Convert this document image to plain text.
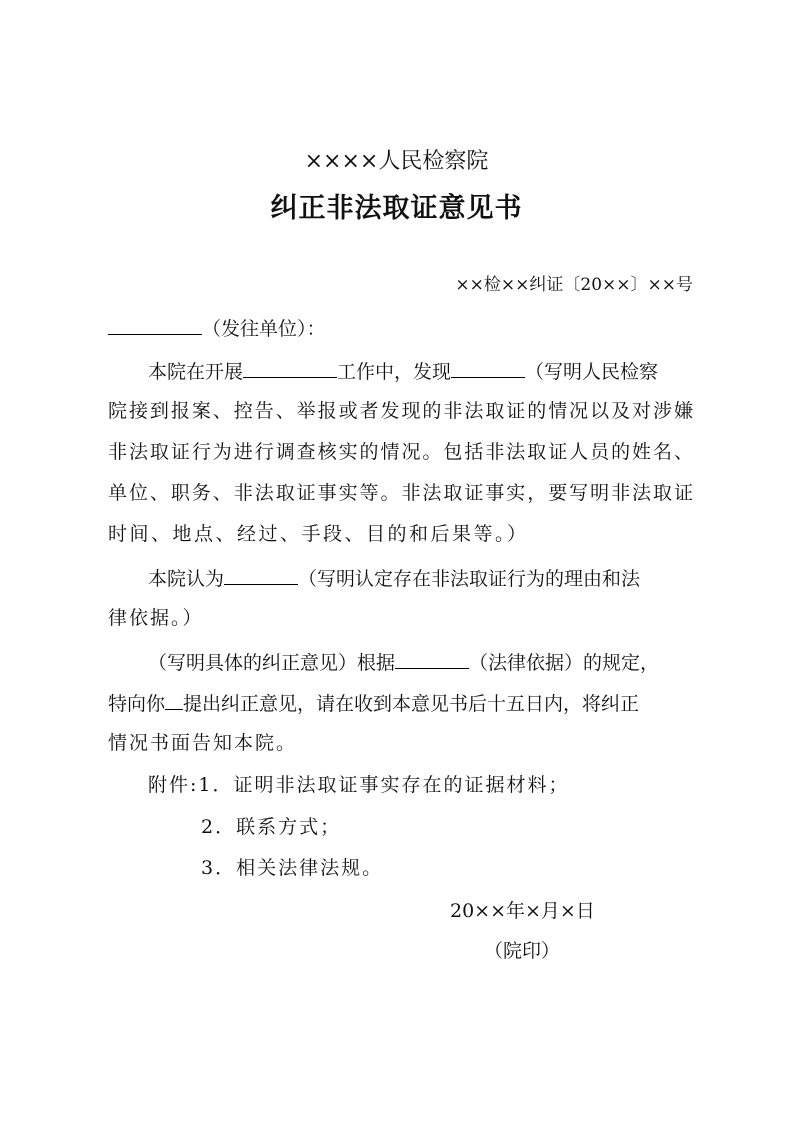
××××人民检察院
纠正非法取证意见书
××检××纠证〔20××〕××号
（发往单位）：
本院在开展	工作中，发现	（写明人民检察
院接到报案、控告、举报或者发现的非法取证的情况以及对涉嫌
非法取证行为进行调查核实的情况。包括非法取证人员的姓名、
单位、职务、非法取证事实等。非法取证事实，要写明非法取证
时间、地点、经过、手段、目的和后果等。）
本院认为	（写明认定存在非法取证行为的理由和法
律依据。）
（写明具体的纠正意见）根据	（法律依据）的规定，
特向你 提出纠正意见，请在收到本意见书后十五日内，将纠正
情况书面告知本院。
附件:1．证明非法取证事实存在的证据材料；
2．联系方式；
3．相关法律法规。
20××年×月×日
（院印）
